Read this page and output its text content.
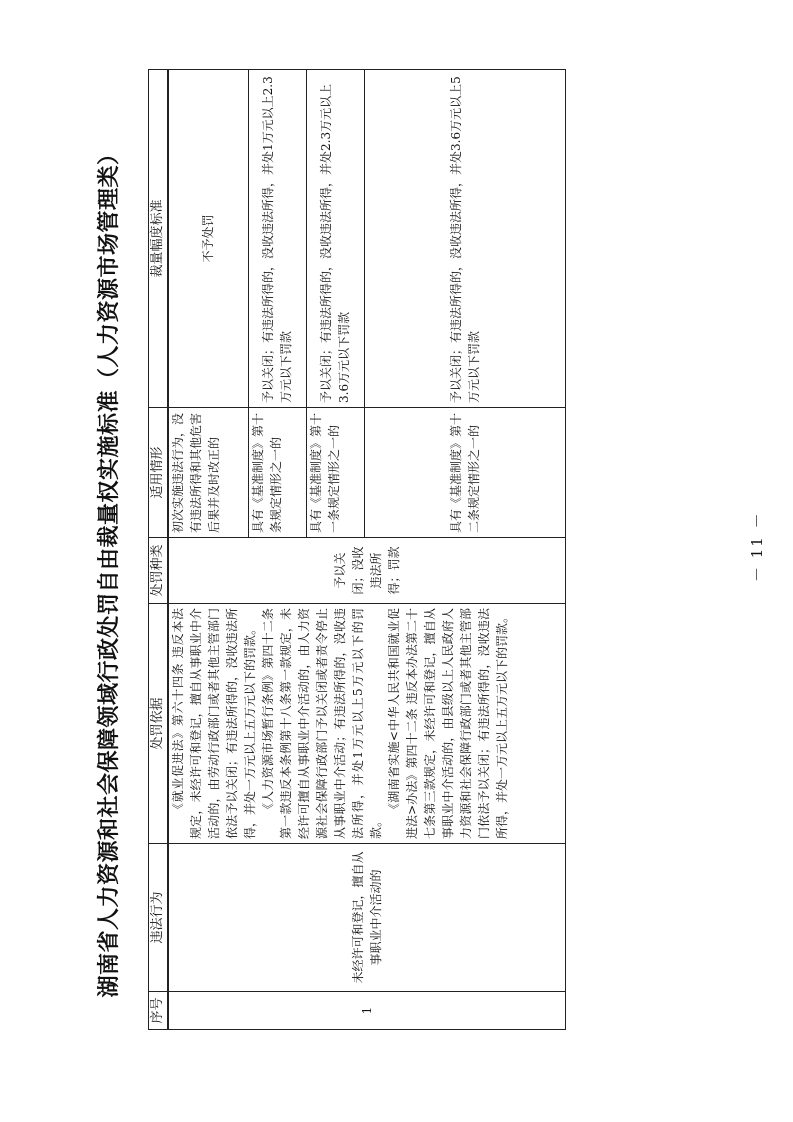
湖南省人力资源和社会保障领域行政处罚自由裁量权实施标准（人力资源市场管理类）
序号	违法行为	处罚依据	处罚种类	适用情形	裁量幅度标准
1	未经许可和登记，擅自从事职业中介活动的	《就业促进法》第六十四条 违反本法规定，未经许可和登记，擅自从事职业中介活动的，由劳动行政部门或者其他主管部门依法予以关闭；有违法所得的，没收违法所得，并处一万元以上五万元以下的罚款。 《人力资源市场暂行条例》第四十二条第一款违反本条例第十八条第一款规定，未经许可擅自从事职业中介活动的，由人力资源社会保障行政部门予以关闭或者责令停止从事职业中介活动；有违法所得的，没收违法所得，并处1万元以上5万元以下的罚款。

《湖南省实施<中华人民共和国就业促进法>办法》第四十二条 违反本办法第二十七条第三款规定，未经许可和登记，擅自从事职业中介活动的，由县级以上人民政府人力资源和社会保障行政部门或者其他主管部门依法予以关闭；有违法所得的，没收违法所得，并处一万元以上五万元以下的罚款。	予以关闭；没收违法所得；罚款	初次实施违法行为，没有违法所得和其他危害后果并及时改正的	不予处罚
				具有《基准制度》第十条规定情形之一的	予以关闭；有违法所得的，没收违法所得，并处1万元以上2.3万元以下罚款
				具有《基准制度》第十一条规定情形之一的	予以关闭；有违法所得的，没收违法所得，并处2.3万元以上3.6万元以下罚款
				具有《基准制度》第十二条规定情形之一的	予以关闭；有违法所得的，没收违法所得，并处3.6万元以上5万元以下罚款
－ 11 －
